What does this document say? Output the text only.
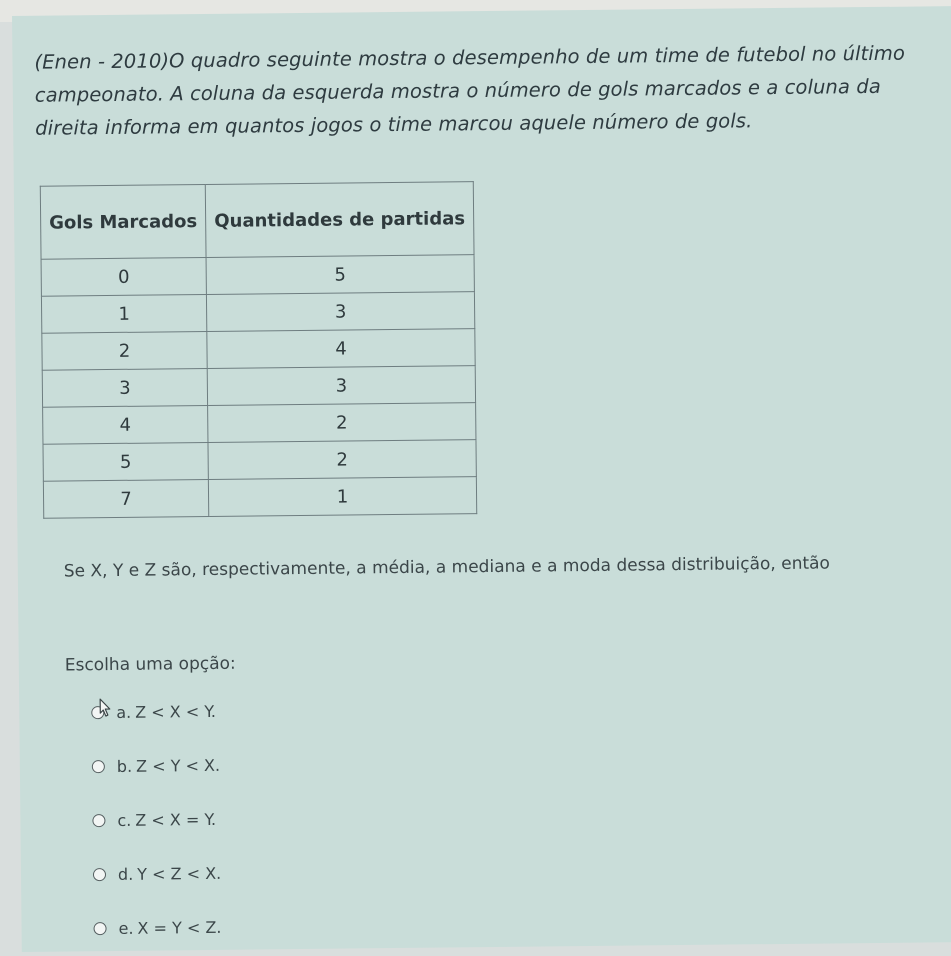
(Enen - 2010)O quadro seguinte mostra o desempenho de um time de futebol no último campeonato. A coluna da esquerda mostra o número de gols marcados e a coluna da direita informa em quantos jogos o time marcou aquele número de gols.

Gols Marcados	Quantidades de partidas
0	5
1	3
2	4
3	3
4	2
5	2
7	1

Se X, Y e Z são, respectivamente, a média, a mediana e a moda dessa distribuição, então

Escolha uma opção:

a. Z < X < Y.
b. Z < Y < X.
c. Z < X = Y.
d. Y < Z < X.
e. X = Y < Z.
